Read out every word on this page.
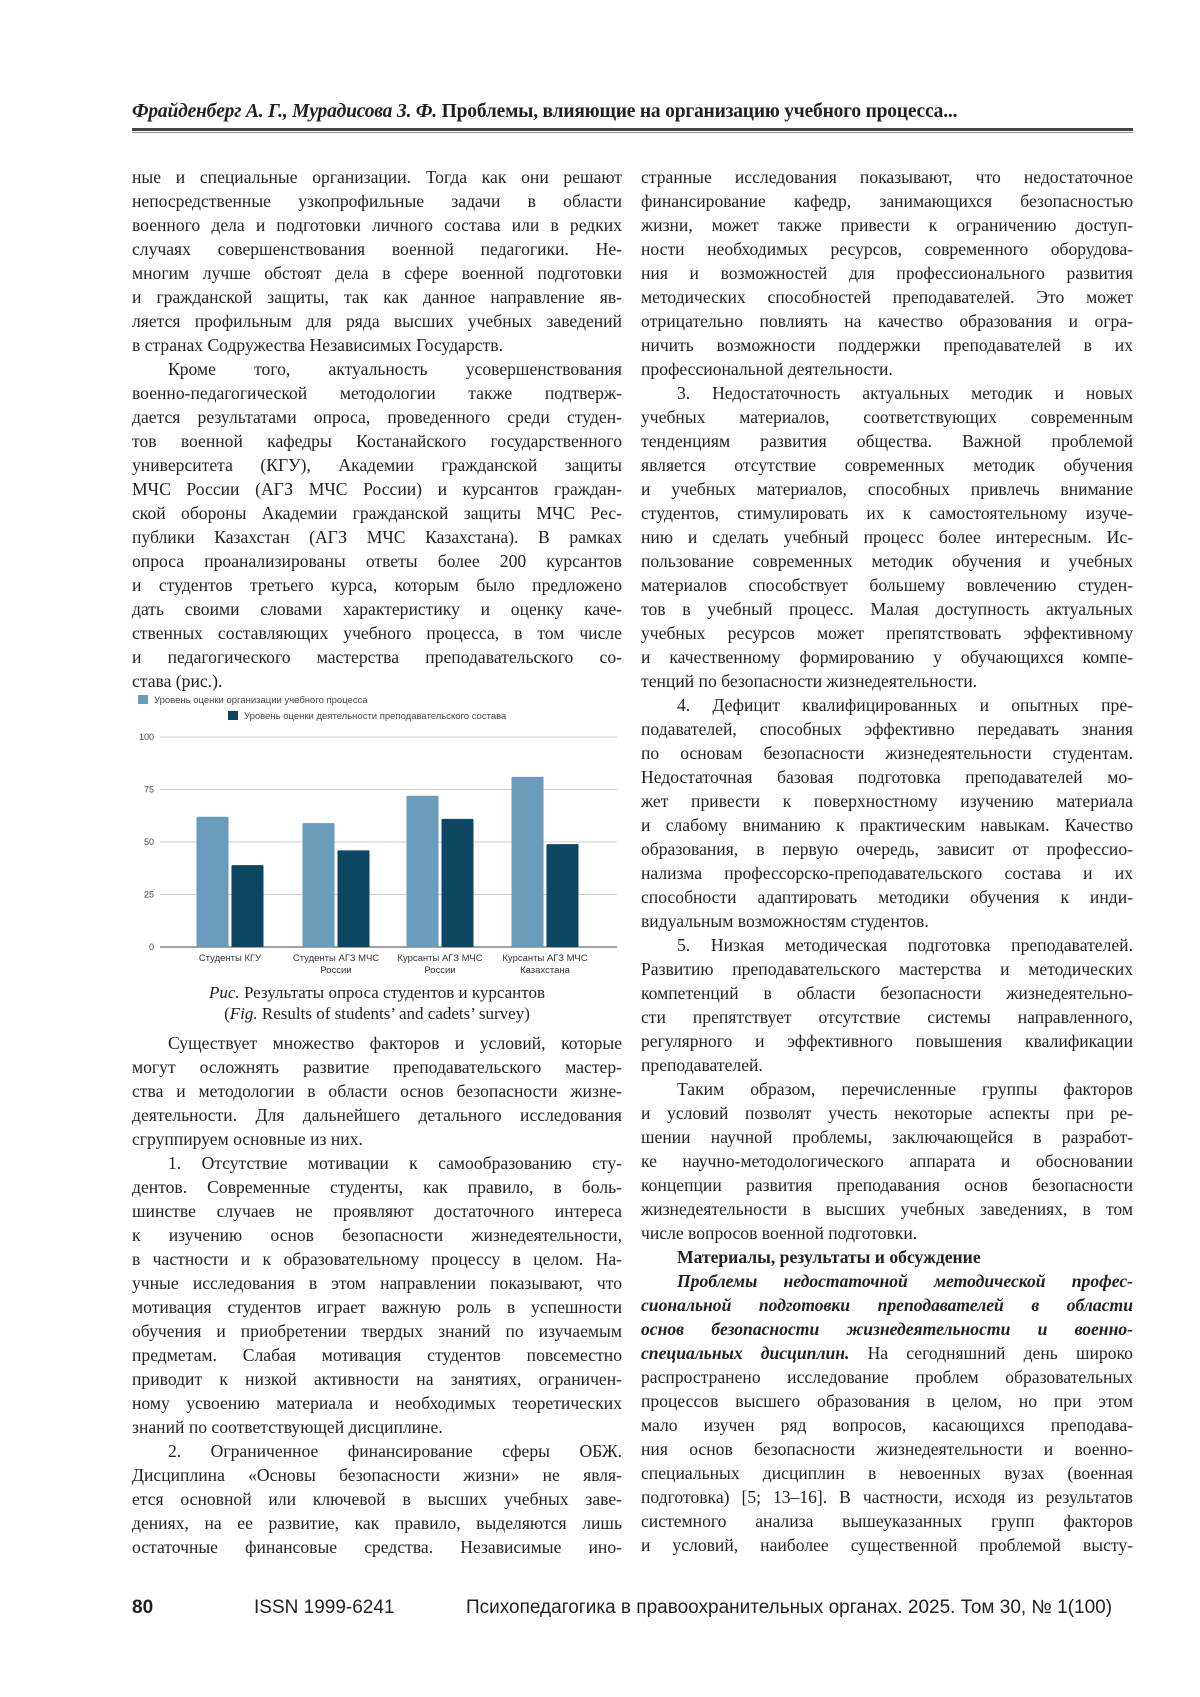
Фрайденберг А. Г., Мурадисова З. Ф. Проблемы, влияющие на организацию учебного процесса...
ные и специальные организации. Тогда как они решают
непосредственные узкопрофильные задачи в области
военного дела и подготовки личного состава или в редких
случаях совершенствования военной педагогики. Не-
многим лучше обстоят дела в сфере военной подготовки
и гражданской защиты, так как данное направление яв-
ляется профильным для ряда высших учебных заведений
в странах Содружества Независимых Государств.
Кроме того, актуальность усовершенствования
военно-педагогической методологии также подтверж-
дается результатами опроса, проведенного среди студен-
тов военной кафедры Костанайского государственного
университета (КГУ), Академии гражданской защиты
МЧС России (АГЗ МЧС России) и курсантов граждан-
ской обороны Академии гражданской защиты МЧС Рес-
публики Казахстан (АГЗ МЧС Казахстана). В рамках
опроса проанализированы ответы более 200 курсантов
и студентов третьего курса, которым было предложено
дать своими словами характеристику и оценку каче-
ственных составляющих учебного процесса, в том числе
и педагогического мастерства преподавательского со-
става (рис.).
Уровень оценки организации учебного процесса
Уровень оценки деятельности преподавательского состава
0
25
50
75
100
Студенты КГУ	Студенты АГЗ МЧС
России
Курсанты АГЗ МЧС
России
Курсанты АГЗ МЧС
Казахстана
Рис. Результаты опроса студентов и курсантов
(Fig. Results of students’ and cadets’ survey)
Существует множество факторов и условий, которые
могут осложнять развитие преподавательского мастер-
ства и методологии в области основ безопасности жизне-
деятельности. Для дальнейшего детального исследования
сгруппируем основные из них.
1. Отсутствие мотивации к самообразованию сту-
дентов. Современные студенты, как правило, в боль-
шинстве случаев не проявляют достаточного интереса
к изучению основ безопасности жизнедеятельности,
в частности и к образовательному процессу в целом. На-
учные исследования в этом направлении показывают, что
мотивация студентов играет важную роль в успешности
обучения и приобретении твердых знаний по изучаемым
предметам. Слабая мотивация студентов повсеместно
приводит к низкой активности на занятиях, ограничен-
ному усвоению материала и необходимых теоретических
знаний по соответствующей дисциплине.
2. Ограниченное финансирование сферы ОБЖ.
Дисциплина «Основы безопасности жизни» не явля-
ется основной или ключевой в высших учебных заве-
дениях, на ее развитие, как правило, выделяются лишь
остаточные финансовые средства. Независимые ино-
странные исследования показывают, что недостаточное
финансирование кафедр, занимающихся безопасностью
жизни, может также привести к ограничению доступ-
ности необходимых ресурсов, современного оборудова-
ния и возможностей для профессионального развития
методических способностей преподавателей. Это может
отрицательно повлиять на качество образования и огра-
ничить возможности поддержки преподавателей в их
профессиональной деятельности.
3. Недостаточность актуальных методик и новых
учебных материалов, соответствующих современным
тенденциям развития общества. Важной проблемой
является отсутствие современных методик обучения
и учебных материалов, способных привлечь внимание
студентов, стимулировать их к самостоятельному изуче-
нию и сделать учебный процесс более интересным. Ис-
пользование современных методик обучения и учебных
материалов способствует большему вовлечению студен-
тов в учебный процесс. Малая доступность актуальных
учебных ресурсов может препятствовать эффективному
и качественному формированию у обучающихся компе-
тенций по безопасности жизнедеятельности.
4. Дефицит квалифицированных и опытных пре-
подавателей, способных эффективно передавать знания
по основам безопасности жизнедеятельности студентам.
Недостаточная базовая подготовка преподавателей мо-
жет привести к поверхностному изучению материала
и слабому вниманию к практическим навыкам. Качество
образования, в первую очередь, зависит от профессио-
нализма профессорско-преподавательского состава и их
способности адаптировать методики обучения к инди-
видуальным возможностям студентов.
5. Низкая методическая подготовка преподавателей.
Развитию преподавательского мастерства и методических
компетенций в области безопасности жизнедеятельно-
сти препятствует отсутствие системы направленного,
регулярного и эффективного повышения квалификации
преподавателей.
Таким образом, перечисленные группы факторов
и условий позволят учесть некоторые аспекты при ре-
шении научной проблемы, заключающейся в разработ-
ке научно-методологического аппарата и обосновании
концепции развития преподавания основ безопасности
жизнедеятельности в высших учебных заведениях, в том
числе вопросов военной подготовки.
Материалы, результаты и обсуждение
Проблемы недостаточной методической профес-
сиональной подготовки преподавателей в области
основ безопасности жизнедеятельности и военно-
специальных дисциплин. На сегодняшний день широко
распространено исследование проблем образовательных
процессов высшего образования в целом, но при этом
мало изучен ряд вопросов, касающихся преподава-
ния основ безопасности жизнедеятельности и военно-
специальных дисциплин в невоенных вузах (военная
подготовка) [5; 13–16]. В частности, исходя из результатов
системного анализа вышеуказанных групп факторов
и условий, наиболее существенной проблемой высту-
80	ISSN 1999-6241	Психопедагогика в правоохранительных органах. 2025. Том 30, № 1(100)
